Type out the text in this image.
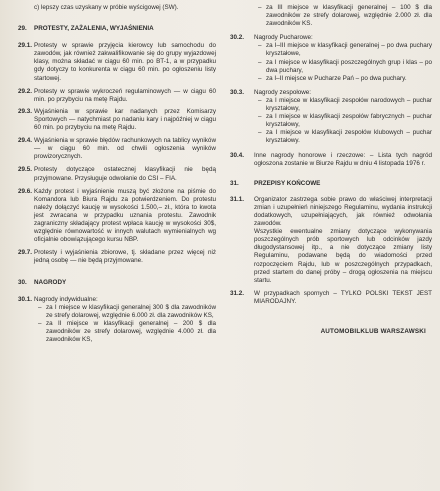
c) lepszy czas uzyskany w próbie wyścigowej (SW).
29.	PROTESTY, ZAŻALENIA, WYJAŚNIENIA
29.1. Protesty w sprawie przyjęcia kierowcy lub samochodu do zawodów, jak również zakwalifikowanie się do grupy wyjazdowej klasy, można składać w ciągu 60 min. po BT-1, a w przypadku gdy dotyczy to konkurenta w ciągu 60 min. po ogłoszeniu listy startowej.
29.2. Protesty w sprawie wykroczeń regulaminowych — w ciągu 60 min. po przybyciu na metę Rajdu.
29.3. Wyjaśnienia w sprawie kar nadanych przez Komisarzy Sportowych — natychmiast po nadaniu kary i najpóźniej w ciągu 60 min. po przybyciu na metę Rajdu.
29.4. Wyjaśnienia w sprawie błędów rachunkowych na tablicy wyników — w ciągu 60 min. od chwili ogłoszenia wyników prowizorycznych.
29.5. Protesty dotyczące ostatecznej klasyfikacji nie będą przyjmowane. Przysługuje odwołanie do CSI – FIA.
29.6. Każdy protest i wyjaśnienie muszą być złożone na piśmie do Komandora lub Biura Rajdu za potwierdzeniem. Do protestu należy dołączyć kaucję w wysokości 1.500,– zł., która to kwota jest zwracana w przypadku uznania protestu. Zawodnik zagraniczny składający protest wpłaca kaucję w wysokości 30$, względnie równowartość w innych walutach wymienialnych wg oficjalnie obowiązującego kursu NBP.
29.7. Protesty i wyjaśnienia zbiorowe, tj. składane przez więcej niż jedną osobę — nie będą przyjmowane.
30.	NAGRODY
30.1. Nagrody indywidualne:
– za I miejsce w klasyfikacji generalnej 300 $ dla zawodników ze strefy dolarowej, względnie 6.000 zł. dla zawodników KS,
– za II miejsce w klasyfikacji generalnej – 200 $ dla zawodników ze strefy dolarowej, względnie 4.000 zł. dla zawodników KS,
– za III miejsce w klasyfikacji generalnej – 100 $ dla zawodników ze strefy dolarowej, względnie 2.000 zł. dla zawodników KS.
30.2.	Nagrody Pucharowe:
– za I–III miejsce w klasyfikacji generalnej – po dwa puchary kryształowe,
– za I miejsce w klasyfikacji poszczególnych grup i klas – po dwa puchary,
– za I–II miejsce w Pucharze Pań – po dwa puchary.
30.3.	Nagrody zespołowe:
– za I miejsce w klasyfikacji zespołów narodowych – puchar kryształowy,
– za I miejsce w klasyfikacji zespołów fabrycznych – puchar kryształowy,
– za I miejsce w klasyfikacji zespołów klubowych – puchar kryształowy.
30.4.	Inne nagrody honorowe i rzeczowe: – Lista tych nagród ogłoszona zostanie w Biurze Rajdu w dniu 4 listopada 1976 r.
31.	PRZEPISY KOŃCOWE
31.1.	Organizator zastrzega sobie prawo do właściwej interpretacji zmian i uzupełnień niniejszego Regulaminu, wydania instrukcji dodatkowych, uzupełniających, jak również odwołania zawodów.
Wszystkie ewentualne zmiany dotyczące wykonywania poszczególnych prób sportowych lub odcinków jazdy długodystansowej itp., a nie dotyczące zmiany listy Regulaminu, podawane będą do wiadomości przed rozpoczęciem Rajdu, lub w poszczególnych przypadkach, przed startem do danej próby – drogą ogłoszenia na miejscu startu.
31.2.	W przypadkach spornych – TYLKO POLSKI TEKST JEST MIARODAJNY.
AUTOMOBILKLUB WARSZAWSKI
